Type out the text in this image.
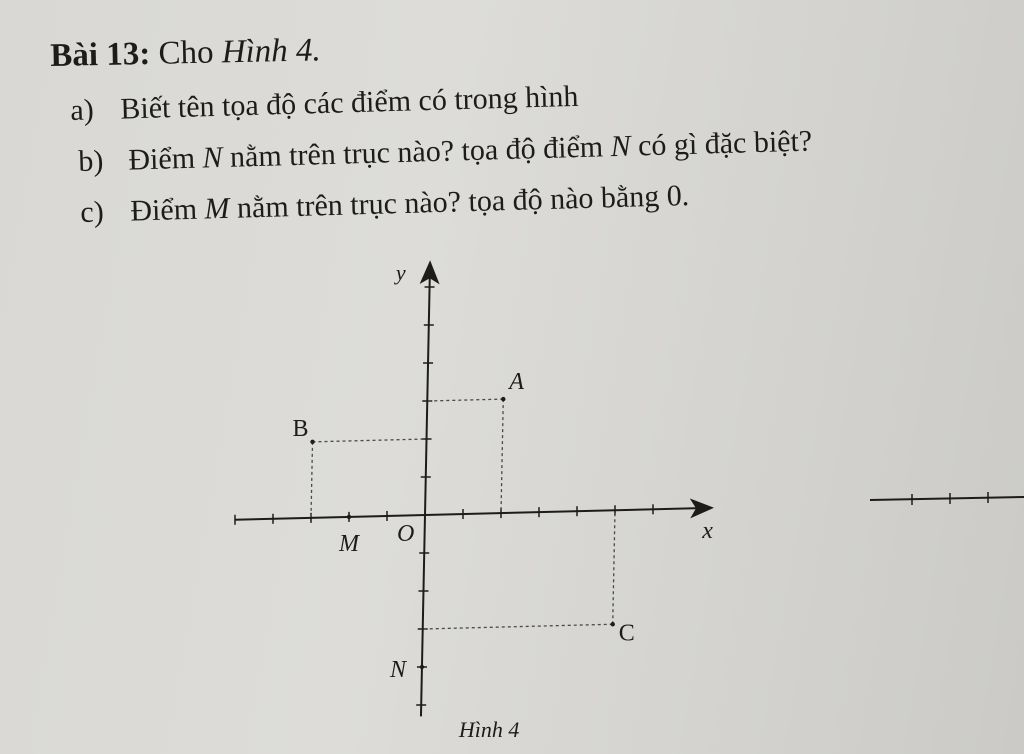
Bài 13: Cho Hình 4.
a) Biết tên tọa độ các điểm có trong hình
b) Điểm N nằm trên trục nào? tọa độ điểm N có gì đặc biệt?
c) Điểm M nằm trên trục nào? tọa độ nào bằng 0.
x
y
O
A
B
C
M
N
Hình 4
